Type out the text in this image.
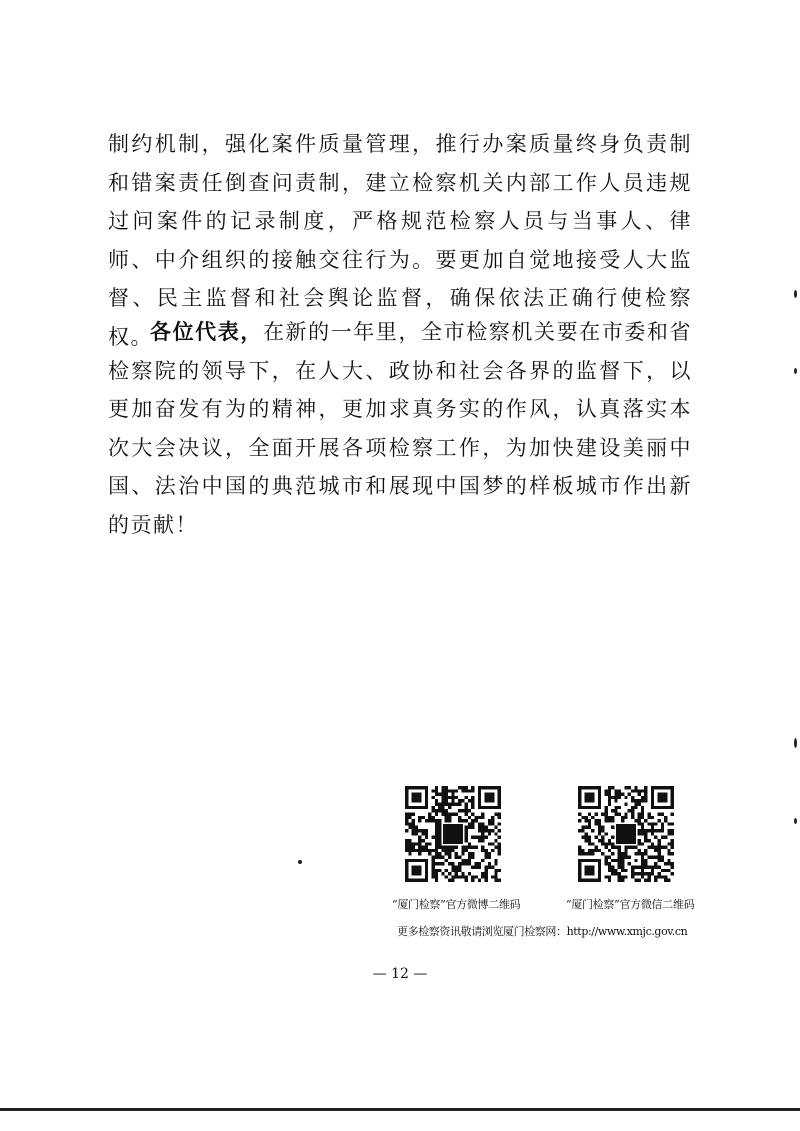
制约机制，强化案件质量管理，推行办案质量终身负责制和错案责任倒查问责制，建立检察机关内部工作人员违规过问案件的记录制度，严格规范检察人员与当事人、律师、中介组织的接触交往行为。要更加自觉地接受人大监督、民主监督和社会舆论监督，确保依法正确行使检察权。

各位代表，在新的一年里，全市检察机关要在市委和省检察院的领导下，在人大、政协和社会各界的监督下，以更加奋发有为的精神，更加求真务实的作风，认真落实本次大会决议，全面开展各项检察工作，为加快建设美丽中国、法治中国的典范城市和展现中国梦的样板城市作出新的贡献！

“厦门检察”官方微博二维码	“厦门检察”官方微信二维码
更多检察资讯敬请浏览厦门检察网：http://www.xmjc.gov.cn
— 12 —
